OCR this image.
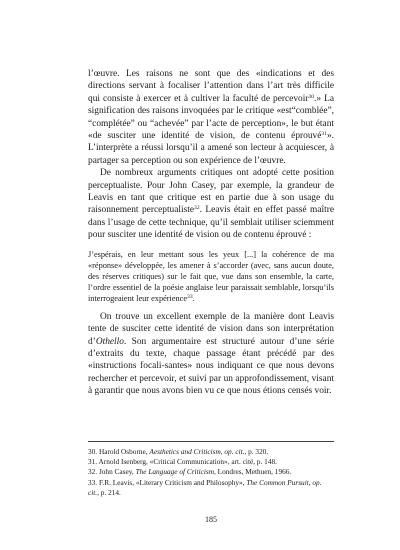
l’œuvre. Les raisons ne sont que des «indications et des directions servant à focaliser l’attention dans l’art très difficile qui consiste à exercer et à cultiver la faculté de percevoir$^{30}$.» La signification des raisons invoquées par le critique «est“comblée”, “complétée” ou “achevée” par l’acte de perception», le but étant «de susciter une identité de vision, de contenu éprouvé$^{31}$». L’interprète a réussi lorsqu’il a amené son lecteur à acquiescer, à partager sa perception ou son expérience de l’œuvre.

De nombreux arguments critiques ont adopté cette position perceptualiste. Pour John Casey, par exemple, la grandeur de Leavis en tant que critique est en partie due à son usage du raisonnement perceptualiste$^{32}$. Leavis était en effet passé maître dans l’usage de cette technique, qu’il semblait utiliser sciemment pour susciter une identité de vision ou de contenu éprouvé :

J’espérais, en leur mettant sous les yeux [...] la cohérence de ma «réponse» développée, les amener à s’accorder (avec, sans aucun doute, des réserves critiques) sur le fait que, vue dans son ensemble, la carte, l’ordre essentiel de la poésie anglaise leur paraissait semblable, lorsqu’ils interrogeaient leur expérience$^{33}$.

On trouve un excellent exemple de la manière dont Leavis tente de susciter cette identité de vision dans son interprétation d’Othello. Son argumentaire est structuré autour d’une série d’extraits du texte, chaque passage étant précédé par des «instructions focali-santes» nous indiquant ce que nous devons rechercher et percevoir, et suivi par un approfondissement, visant à garantir que nous avons bien vu ce que nous étions censés voir.

30. Harold Osborne, Aesthetics and Criticism, op. cit., p. 320.

31. Arnold Isenberg, «Critical Communication», art. cité, p. 148.

32. John Casey, The Language of Criticism, Londres, Methuen, 1966.

33. F.R. Leavis, «Literary Criticism and Philosophy», The Common Pursuit, op. cit., p. 214.

185
